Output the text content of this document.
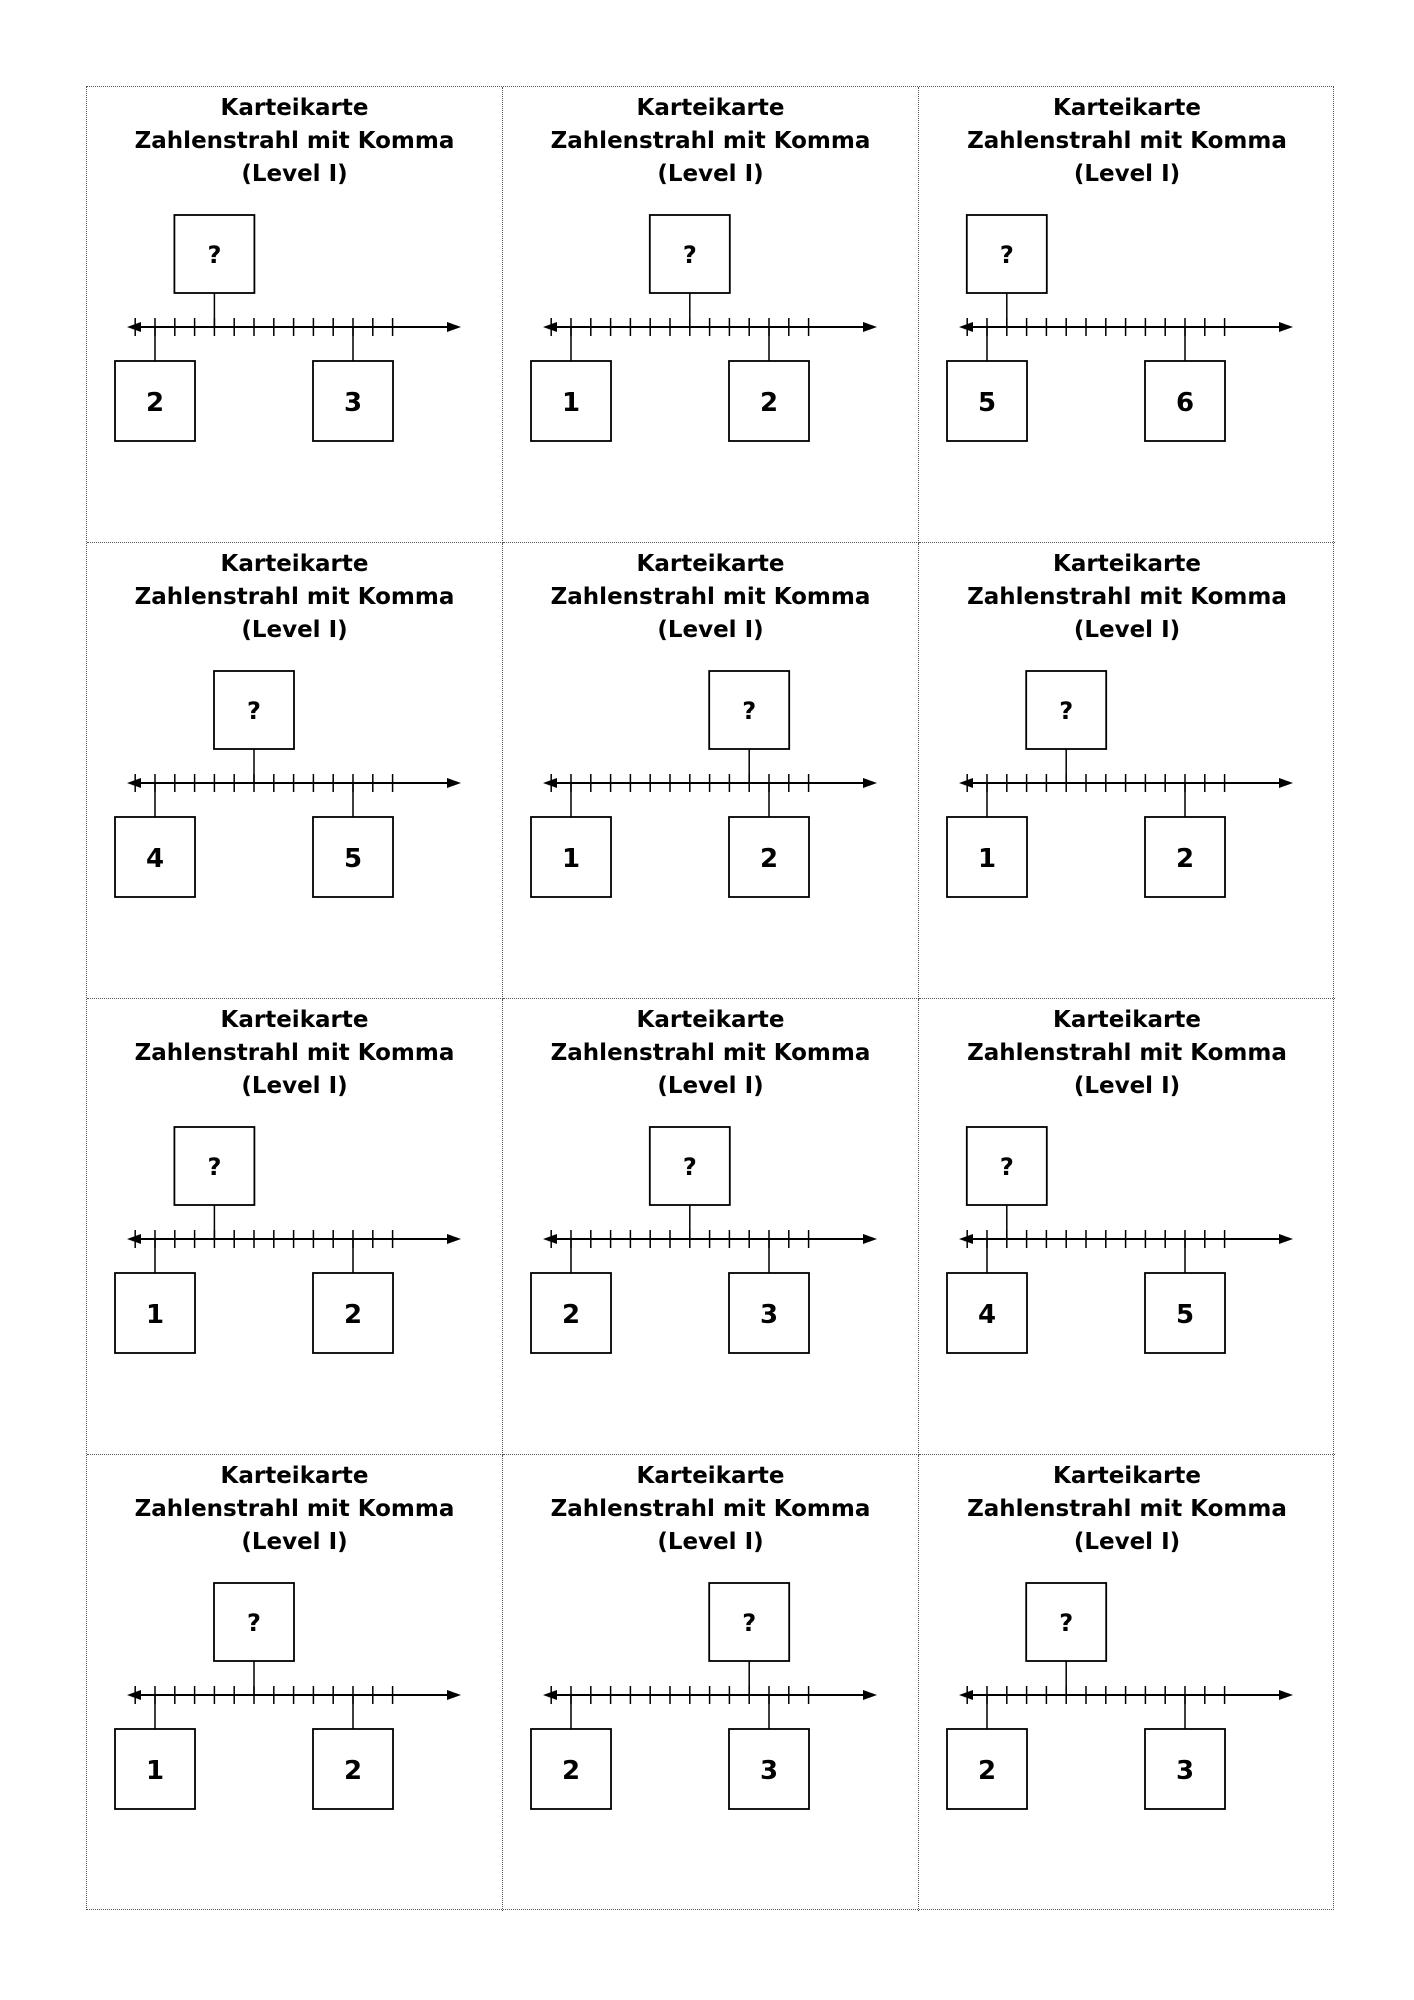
Karteikarte
Zahlenstrahl mit Komma
(Level I)
2	3
?
Karteikarte
Zahlenstrahl mit Komma
(Level I)
1	2
?
Karteikarte
Zahlenstrahl mit Komma
(Level I)
5	6
?
Karteikarte
Zahlenstrahl mit Komma
(Level I)
4	5
?
Karteikarte
Zahlenstrahl mit Komma
(Level I)
1	2
?
Karteikarte
Zahlenstrahl mit Komma
(Level I)
1	2
?
Karteikarte
Zahlenstrahl mit Komma
(Level I)
1	2
?
Karteikarte
Zahlenstrahl mit Komma
(Level I)
2	3
?
Karteikarte
Zahlenstrahl mit Komma
(Level I)
4	5
?
Karteikarte
Zahlenstrahl mit Komma
(Level I)
1	2
?
Karteikarte
Zahlenstrahl mit Komma
(Level I)
2	3
?
Karteikarte
Zahlenstrahl mit Komma
(Level I)
2	3
?
